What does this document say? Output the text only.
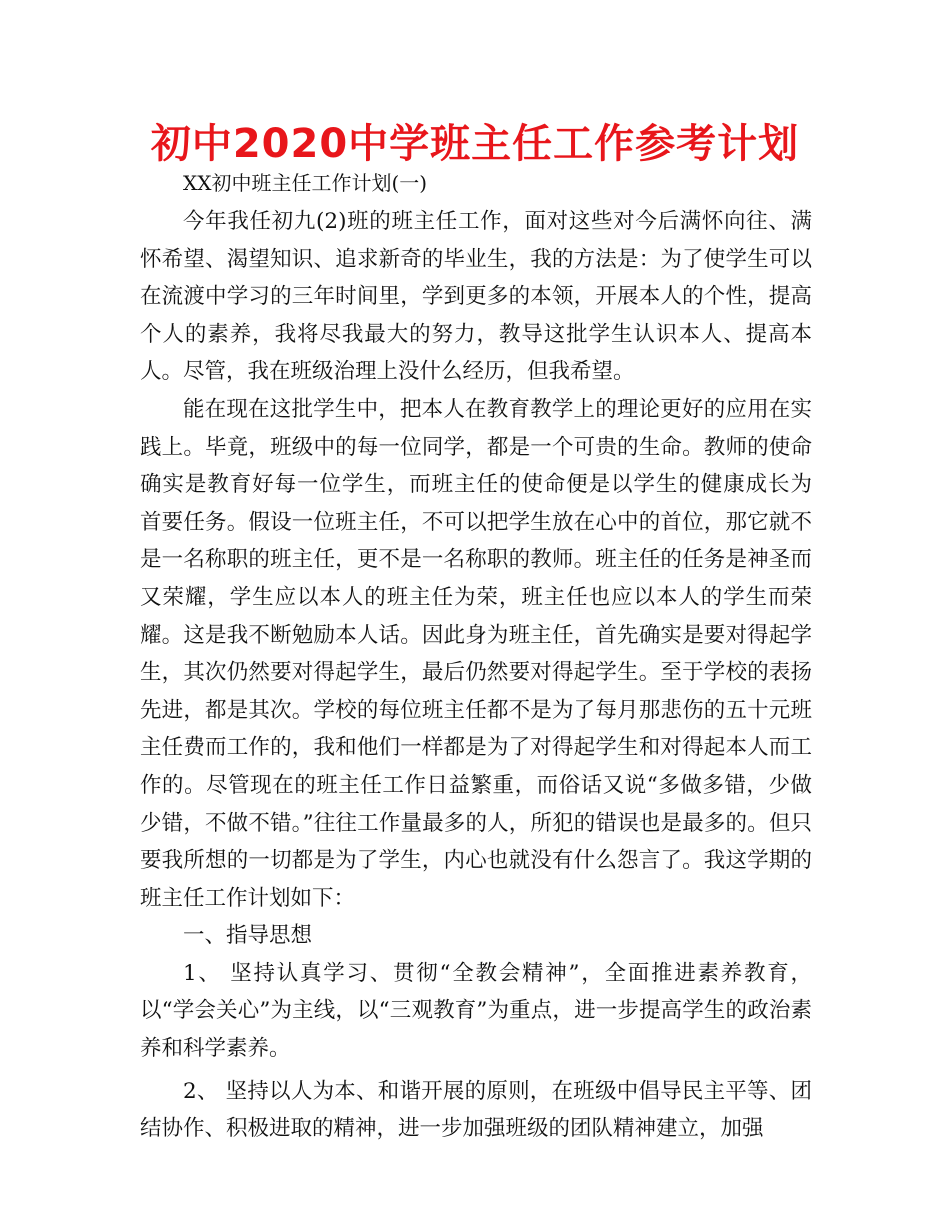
初中2020中学班主任工作参考计划
XX初中班主任工作计划(一)

今年我任初九(2)班的班主任工作，面对这些对今后满怀向往、满怀希望、渴望知识、追求新奇的毕业生，我的方法是：为了使学生可以在流渡中学习的三年时间里，学到更多的本领，开展本人的个性，提高个人的素养，我将尽我最大的努力，教导这批学生认识本人、提高本人。尽管，我在班级治理上没什么经历，但我希望。

能在现在这批学生中，把本人在教育教学上的理论更好的应用在实践上。毕竟，班级中的每一位同学，都是一个可贵的生命。教师的使命确实是教育好每一位学生，而班主任的使命便是以学生的健康成长为 首要任务。假设一位班主任，不可以把学生放在心中的首位，那它就不是一名称职的班主任，更不是一名称职的教师。班主任的任务是神圣而又荣耀，学生应以本人的班主任为荣，班主任也应以本人的学生而荣耀。这是我不断勉励本人话。因此身为班主任，首先确实是要对得起学生，其次仍然要对得起学生，最后仍然要对得起学生。至于学校的表扬先进，都是其次。学校的每位班主任都不是为了每月那悲伤的五十元班主任费而工作的，我和他们一样都是为了对得起学生和对得起本人而工作的。尽管现在的班主任工作日益繁重，而俗话又说“多做多错，少做少错，不做不错。”往往工作量最多的人，所犯的错误也是最多的。但只要我所想的一切都是为了学生，内心也就没有什么怨言了。我这学期的班主任工作计划如下：

一、指导思想

1、 坚持认真学习、贯彻“全教会精神”，全面推进素养教育，以“学会关心”为主线，以“三观教育”为重点，进一步提高学生的政治素养和科学素养。

2、 坚持以人为本、和谐开展的原则，在班级中倡导民主平等、团结协作、积极进取的精神，进一步加强班级的团队精神建立，加强
